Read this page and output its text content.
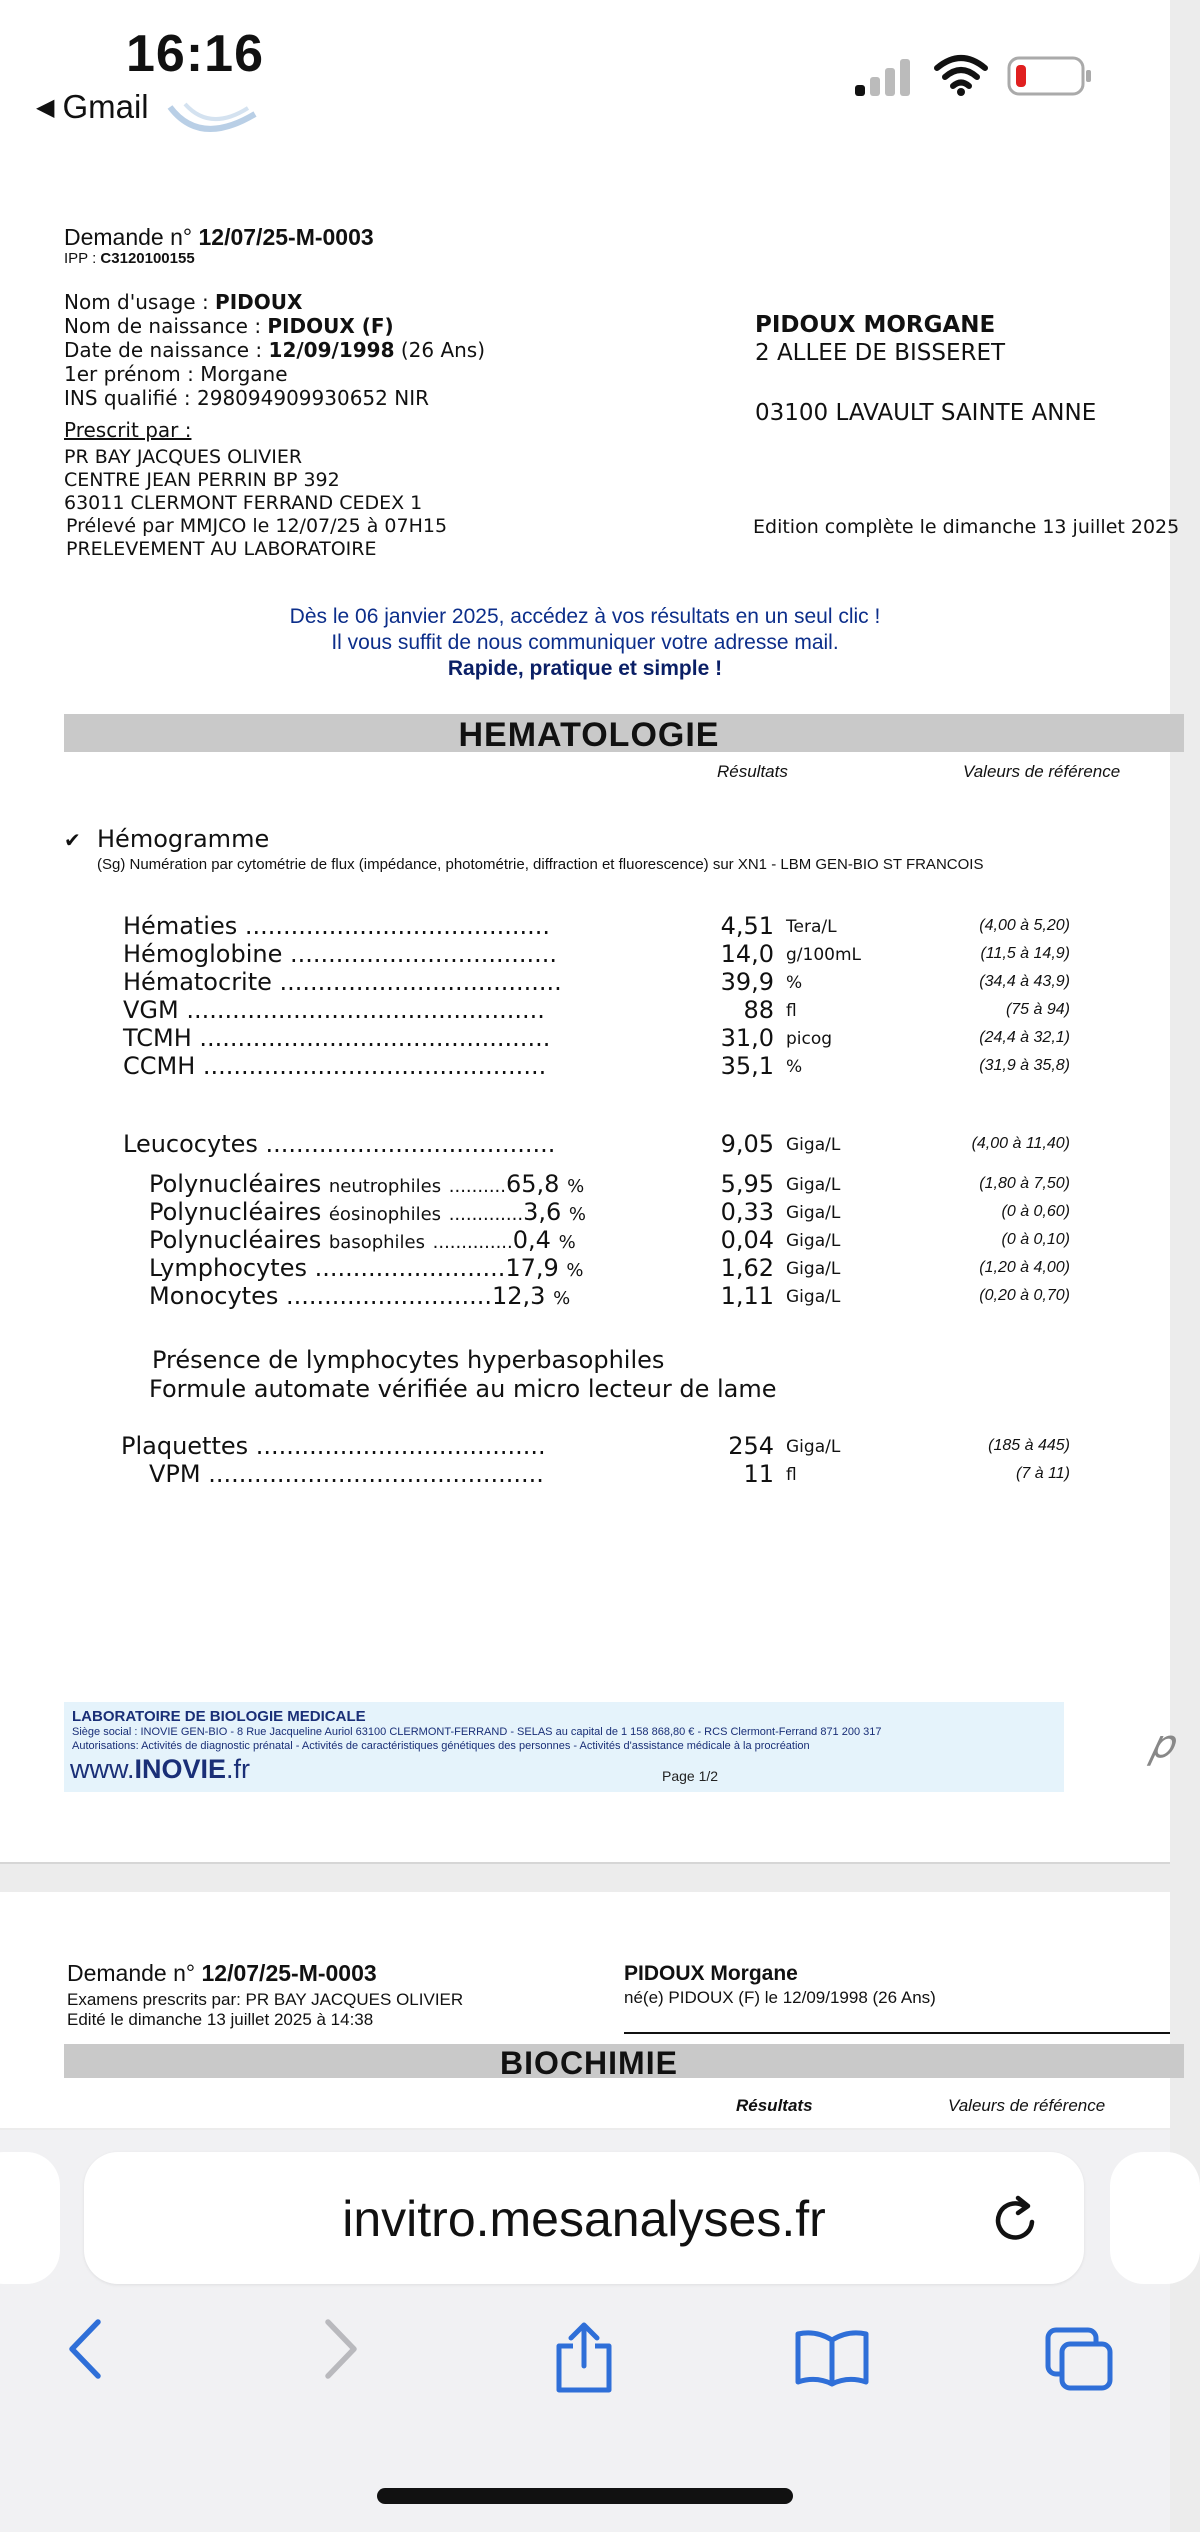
16:16
◀ Gmail
Demande n° 12/07/25-M-0003
IPP : C3120100155
Nom d'usage : PIDOUX
Nom de naissance : PIDOUX (F)
Date de naissance : 12/09/1998 (26 Ans)
1er prénom : Morgane
INS qualifié : 298094909930652 NIR
Prescrit par :
PR BAY JACQUES OLIVIER
CENTRE JEAN PERRIN BP 392
63011 CLERMONT FERRAND CEDEX 1
Prélevé par MMJCO le 12/07/25 à 07H15
PRELEVEMENT AU LABORATOIRE
PIDOUX MORGANE
2 ALLEE DE BISSERET
03100 LAVAULT SAINTE ANNE
Edition complète le dimanche 13 juillet 2025
Dès le 06 janvier 2025, accédez à vos résultats en un seul clic !
Il vous suffit de nous communiquer votre adresse mail.
Rapide, pratique et simple !
HEMATOLOGIE
Résultats	Valeurs de référence
✔ Hémogramme
(Sg) Numération par cytométrie de flux (impédance, photométrie, diffraction et fluorescence) sur XN1 - LBM GEN-BIO ST FRANCOIS
Hématies ........................................	4,51 Tera/L	(4,00 à 5,20)
Hémoglobine ...................................	14,0 g/100mL	(11,5 à 14,9)
Hématocrite .....................................	39,9 %	(34,4 à 43,9)
VGM ...............................................	88 fl	(75 à 94)
TCMH ..............................................	31,0 picog	(24,4 à 32,1)
CCMH .............................................	35,1 %	(31,9 à 35,8)
Leucocytes ......................................	9,05 Giga/L	(4,00 à 11,40)
Polynucléaires neutrophiles ..........65,8 %	5,95 Giga/L	(1,80 à 7,50)
Polynucléaires éosinophiles .............3,6 %	0,33 Giga/L	(0 à 0,60)
Polynucléaires basophiles ..............0,4 %	0,04 Giga/L	(0 à 0,10)
Lymphocytes .........................17,9 %	1,62 Giga/L	(1,20 à 4,00)
Monocytes ...........................12,3 %	1,11 Giga/L	(0,20 à 0,70)
Présence de lymphocytes hyperbasophiles
Formule automate vérifiée au micro lecteur de lame
Plaquettes ......................................	254 Giga/L	(185 à 445)
VPM ............................................	11 fl	(7 à 11)
LABORATOIRE DE BIOLOGIE MEDICALE
Siège social : INOVIE GEN-BIO - 8 Rue Jacqueline Auriol 63100 CLERMONT-FERRAND - SELAS au capital de 1 158 868,80 € - RCS Clermont-Ferrand 871 200 317
Autorisations: Activités de diagnostic prénatal - Activités de caractéristiques génétiques des personnes - Activités d'assistance médicale à la procréation
www.INOVIE.fr	Page 1/2
𝑝
Demande n° 12/07/25-M-0003
Examens prescrits par: PR BAY JACQUES OLIVIER
Edité le dimanche 13 juillet 2025 à 14:38
PIDOUX Morgane
né(e) PIDOUX (F) le 12/09/1998 (26 Ans)
BIOCHIMIE
Résultats	Valeurs de référence
invitro.mesanalyses.fr
